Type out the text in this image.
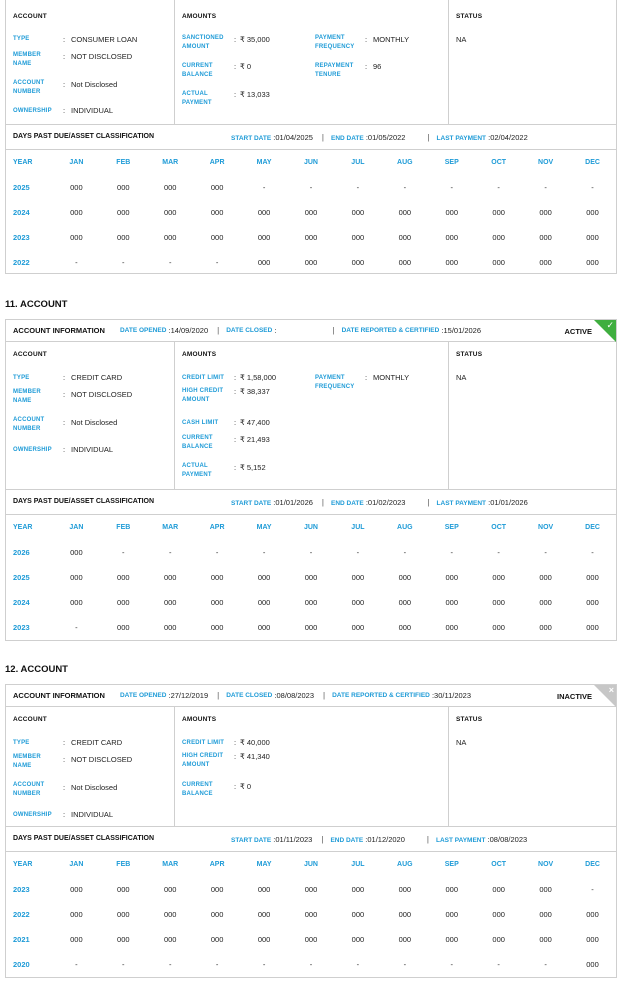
ACCOUNT
TYPE	: CONSUMER LOAN
MEMBER
NAME
: NOT DISCLOSED
ACCOUNT
NUMBER
: Not Disclosed
OWNERSHIP : INDIVIDUAL
AMOUNTS
SANCTIONED
AMOUNT
: ₹ 35,000
CURRENT
BALANCE
: ₹ 0
ACTUAL
PAYMENT
: ₹ 13,033
PAYMENT
FREQUENCY
: MONTHLY
REPAYMENT
TENURE
: 96
STATUS
NA
DAYS PAST DUE/ASSET CLASSIFICATION	START DATE : 01/04/2025 | END DATE : 01/05/2022	| LAST PAYMENT : 02/04/2022
YEAR	JAN	FEB	MAR	APR	MAY	JUN	JUL	AUG	SEP	OCT	NOV	DEC
2025	000	000	000	000	-	-	-	-	-	-	-	-
2024	000	000	000	000	000	000	000	000	000	000	000	000
2023	000	000	000	000	000	000	000	000	000	000	000	000
2022	-	-	-	-	000	000	000	000	000	000	000	000
11. ACCOUNT
ACCOUNT INFORMATION DATE OPENED : 14/09/2020 | DATE CLOSED :	| DATE REPORTED & CERTIFIED : 15/01/2026	ACTIVE
✓
ACCOUNT
TYPE	: CREDIT CARD
MEMBER
NAME
: NOT DISCLOSED
ACCOUNT
NUMBER
: Not Disclosed
OWNERSHIP : INDIVIDUAL
AMOUNTS
CREDIT LIMIT : ₹ 1,58,000
HIGH CREDIT
AMOUNT
: ₹ 38,337
CASH LIMIT : ₹ 47,400
CURRENT
BALANCE
: ₹ 21,493
ACTUAL
PAYMENT
: ₹ 5,152
PAYMENT
FREQUENCY
: MONTHLY
STATUS
NA
DAYS PAST DUE/ASSET CLASSIFICATION	START DATE : 01/01/2026 | END DATE : 01/02/2023	| LAST PAYMENT : 01/01/2026
YEAR	JAN	FEB	MAR	APR	MAY	JUN	JUL	AUG	SEP	OCT	NOV	DEC
2026	000	-	-	-	-	-	-	-	-	-	-	-
2025	000	000	000	000	000	000	000	000	000	000	000	000
2024	000	000	000	000	000	000	000	000	000	000	000	000
2023	-	000	000	000	000	000	000	000	000	000	000	000
12. ACCOUNT
ACCOUNT INFORMATION DATE OPENED : 27/12/2019 | DATE CLOSED : 08/08/2023 | DATE REPORTED & CERTIFIED : 30/11/2023	INACTIVE
×
ACCOUNT
TYPE	: CREDIT CARD
MEMBER
NAME
: NOT DISCLOSED
ACCOUNT
NUMBER
: Not Disclosed
OWNERSHIP : INDIVIDUAL
AMOUNTS
CREDIT LIMIT : ₹ 40,000
HIGH CREDIT
AMOUNT
: ₹ 41,340
CURRENT
BALANCE
: ₹ 0
STATUS
NA
DAYS PAST DUE/ASSET CLASSIFICATION	START DATE : 01/11/2023 | END DATE : 01/12/2020	| LAST PAYMENT : 08/08/2023
YEAR	JAN	FEB	MAR	APR	MAY	JUN	JUL	AUG	SEP	OCT	NOV	DEC
2023	000	000	000	000	000	000	000	000	000	000	000	-
2022	000	000	000	000	000	000	000	000	000	000	000	000
2021	000	000	000	000	000	000	000	000	000	000	000	000
2020	-	-	-	-	-	-	-	-	-	-	-	000
